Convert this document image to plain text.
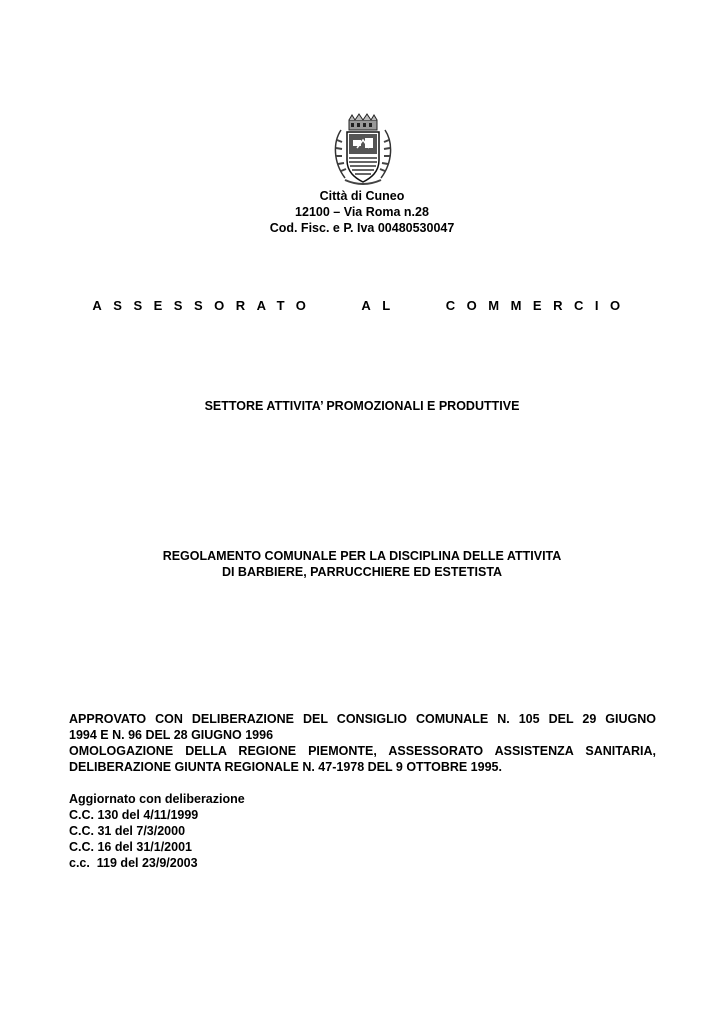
Città di Cuneo
12100 – Via Roma n.28
Cod. Fisc. e P. Iva 00480530047
ASSESSORATO	AL	COMMERCIO
SETTORE ATTIVITA’ PROMOZIONALI E PRODUTTIVE
REGOLAMENTO COMUNALE PER LA DISCIPLINA DELLE ATTIVITA
DI BARBIERE, PARRUCCHIERE ED ESTETISTA
APPROVATO CON DELIBERAZIONE DEL CONSIGLIO COMUNALE N. 105 DEL 29 GIUGNO
1994 E N. 96 DEL 28 GIUGNO 1996
OMOLOGAZIONE DELLA REGIONE PIEMONTE, ASSESSORATO ASSISTENZA SANITARIA,
DELIBERAZIONE GIUNTA REGIONALE N. 47-1978 DEL 9 OTTOBRE 1995.
Aggiornato con deliberazione
C.C. 130 del 4/11/1999
C.C. 31 del 7/3/2000
C.C. 16 del 31/1/2001
c.c.  119 del 23/9/2003
